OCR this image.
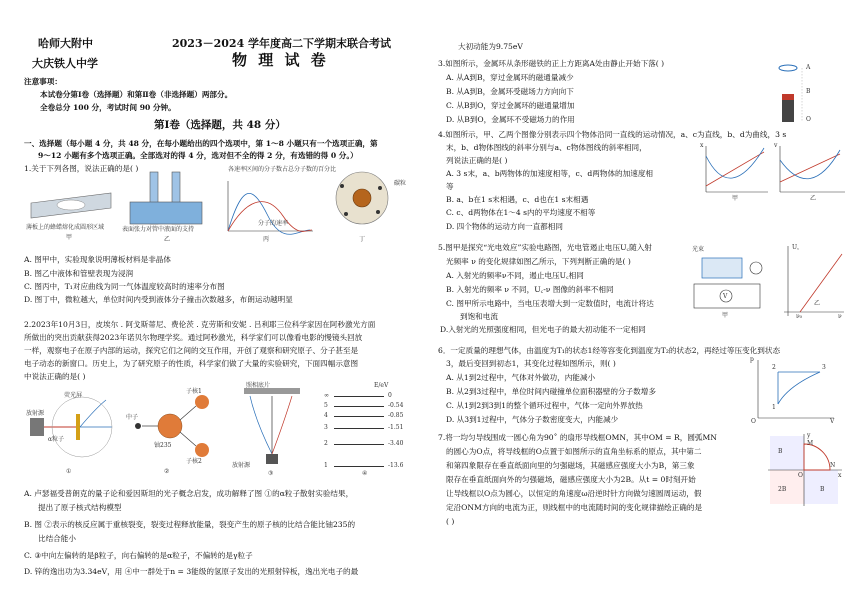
哈师大附中	2023－2024 学年度高二下学期末联合考试
大庆铁人中学	物 理 试 卷
注意事项：
本试卷分第Ⅰ卷（选择题）和第Ⅱ卷（非选择题）两部分。
全卷总分 100 分，考试时间 90 分钟。
第Ⅰ卷（选择题，共 48 分）
一、选择题（每小题 4 分，共 48 分，在每小题给出的四个选项中，第 1～8 小题只有一个选项正确，第
9～12 小题有多个选项正确。全部选对的得 4 分，选对但不全的得 2 分，有选错的得 0 分。）
1.关于下列各图，说法正确的是( )
薄板上的蜂蜡熔化成圆形区域
甲
表面张力对管中液面的支持
乙
各速率区间的分子数占总分子数的百分比
分子的速率
丙
碳粒
丁
A. 图甲中，实验现象说明薄板材料是非晶体
B. 图乙中液体和管壁表现为浸润
C. 图丙中，T₁对应曲线为同一气体温度较高时的速率分布图
D. 图丁中，微粒越大，单位时间内受到液体分子撞击次数越多，布朗运动越明显
2.2023年10月3日，皮埃尔 . 阿戈斯蒂尼、费伦茨 . 克劳斯和安妮 . 吕利耶三位科学家因在阿秒激光方面
所做出的突出贡献获得2023年诺贝尔物理学奖。通过阿秒激光，科学家们可以像看电影的慢镜头回放
一样，观察电子在原子内部的运动，探究它们之间的交互作用，开创了观察和研究原子、分子甚至是
电子动态的新窗口。历史上，为了研究原子的性质，科学家们做了大量的实验研究，下面四幅示意图
中说法正确的是( )
放射源
荧光屏
α粒子
①
中子
铀235
子核1
子核2
②
照相底片
放射源
③
E/eV
∞	0
5	-0.54
4	-0.85
3	-1.51
2	-3.40
1	-13.6
④
A. 卢瑟福受普朗克的量子论和爱因斯坦的光子概念启发，成功解释了图 ①的α粒子散射实验结果，
提出了原子核式结构模型
B. 图 ②表示的核反应属于重核裂变，裂变过程释放能量，裂变产生的原子核的比结合能比铀235的
比结合能小
C. ③中向左偏转的是β粒子，向右偏转的是α粒子，不偏转的是γ粒子
D. 锌的逸出功为3.34eV，用 ④中一群处于n = 3能级的氢原子发出的光照射锌板，逸出光电子的最
大初动能为9.75eV
3.如图所示，金属环从条形磁铁的正上方距离A处由静止开始下落( )
A. 从A到B，穿过金属环的磁通量减少
B. 从A到B，金属环受磁场力方向向下
C. 从B到O，穿过金属环的磁通量增加
D. 从B到O，金属环不受磁场力的作用
A
B
O
4.如图所示，甲、乙两个图像分别表示四个物体沿同一直线的运动情况，a、c为直线，b、d为曲线，3 s
末，b、d物体图线的斜率分别与a、c物体图线的斜率相同，
列说法正确的是( )
A. 3 s末，a、b两物体的加速度相等，c、d两物体的加速度相
等
B. a、b在1 s末相遇，c、d也在1 s末相遇
C. c、d两物体在1～4 s内的平均速度不相等
D. 四个物体的运动方向一直都相同
甲	乙
x	v
5.图甲是探究“光电效应”实验电路图，光电管遏止电压U꜀随入射
光频率 ν 的变化规律如图乙所示，下列判断正确的是( )
A. 入射光的频率ν不同，遏止电压U꜀相同
B. 入射光的频率 ν 不同，U꜀-ν 图像的斜率不相同
C. 图甲所示电路中，当电压表增大到一定数值时，电流计将达
到饱和电流
D.入射光的光照强度相同，但光电子的最大初动能不一定相同
光束
V
U꜀
ν
ν₀
甲
乙
6．一定质量的理想气体，由温度为T₁的状态1经等容变化到温度为T₂的状态2，再经过等压变化到状态
3，最后变回到初态1，其变化过程如图所示，则( )
A. 从1到2过程中，气体对外做功，内能减小
B. 从2到3过程中，单位时间内碰撞单位面积器壁的分子数增多
C. 从1到2到3到1的整个循环过程中，气体一定向外界放热
D. 从3到1过程中，气体分子数密度变大，内能减少
p
V
O
1
2	3
7.将一均匀导线围成一圆心角为90˚ 的扇形导线框OMN，其中OM = R，圆弧MN
的圆心为O点，将导线框的O点置于如图所示的直角坐标系的原点，其中第二
和第四象限存在垂直纸面向里的匀强磁场，其磁感应强度大小为B，第三象
限存在垂直纸面向外的匀强磁场，磁感应强度大小为2B。从t = 0时刻开始
让导线框以O点为圆心，以恒定的角速度ω沿逆时针方向做匀速圆周运动，假
定沿ONM方向的电流为正，则线框中的电流随时间的变化规律描绘正确的是
( )
y
x
O
M
N
B
2B	B
